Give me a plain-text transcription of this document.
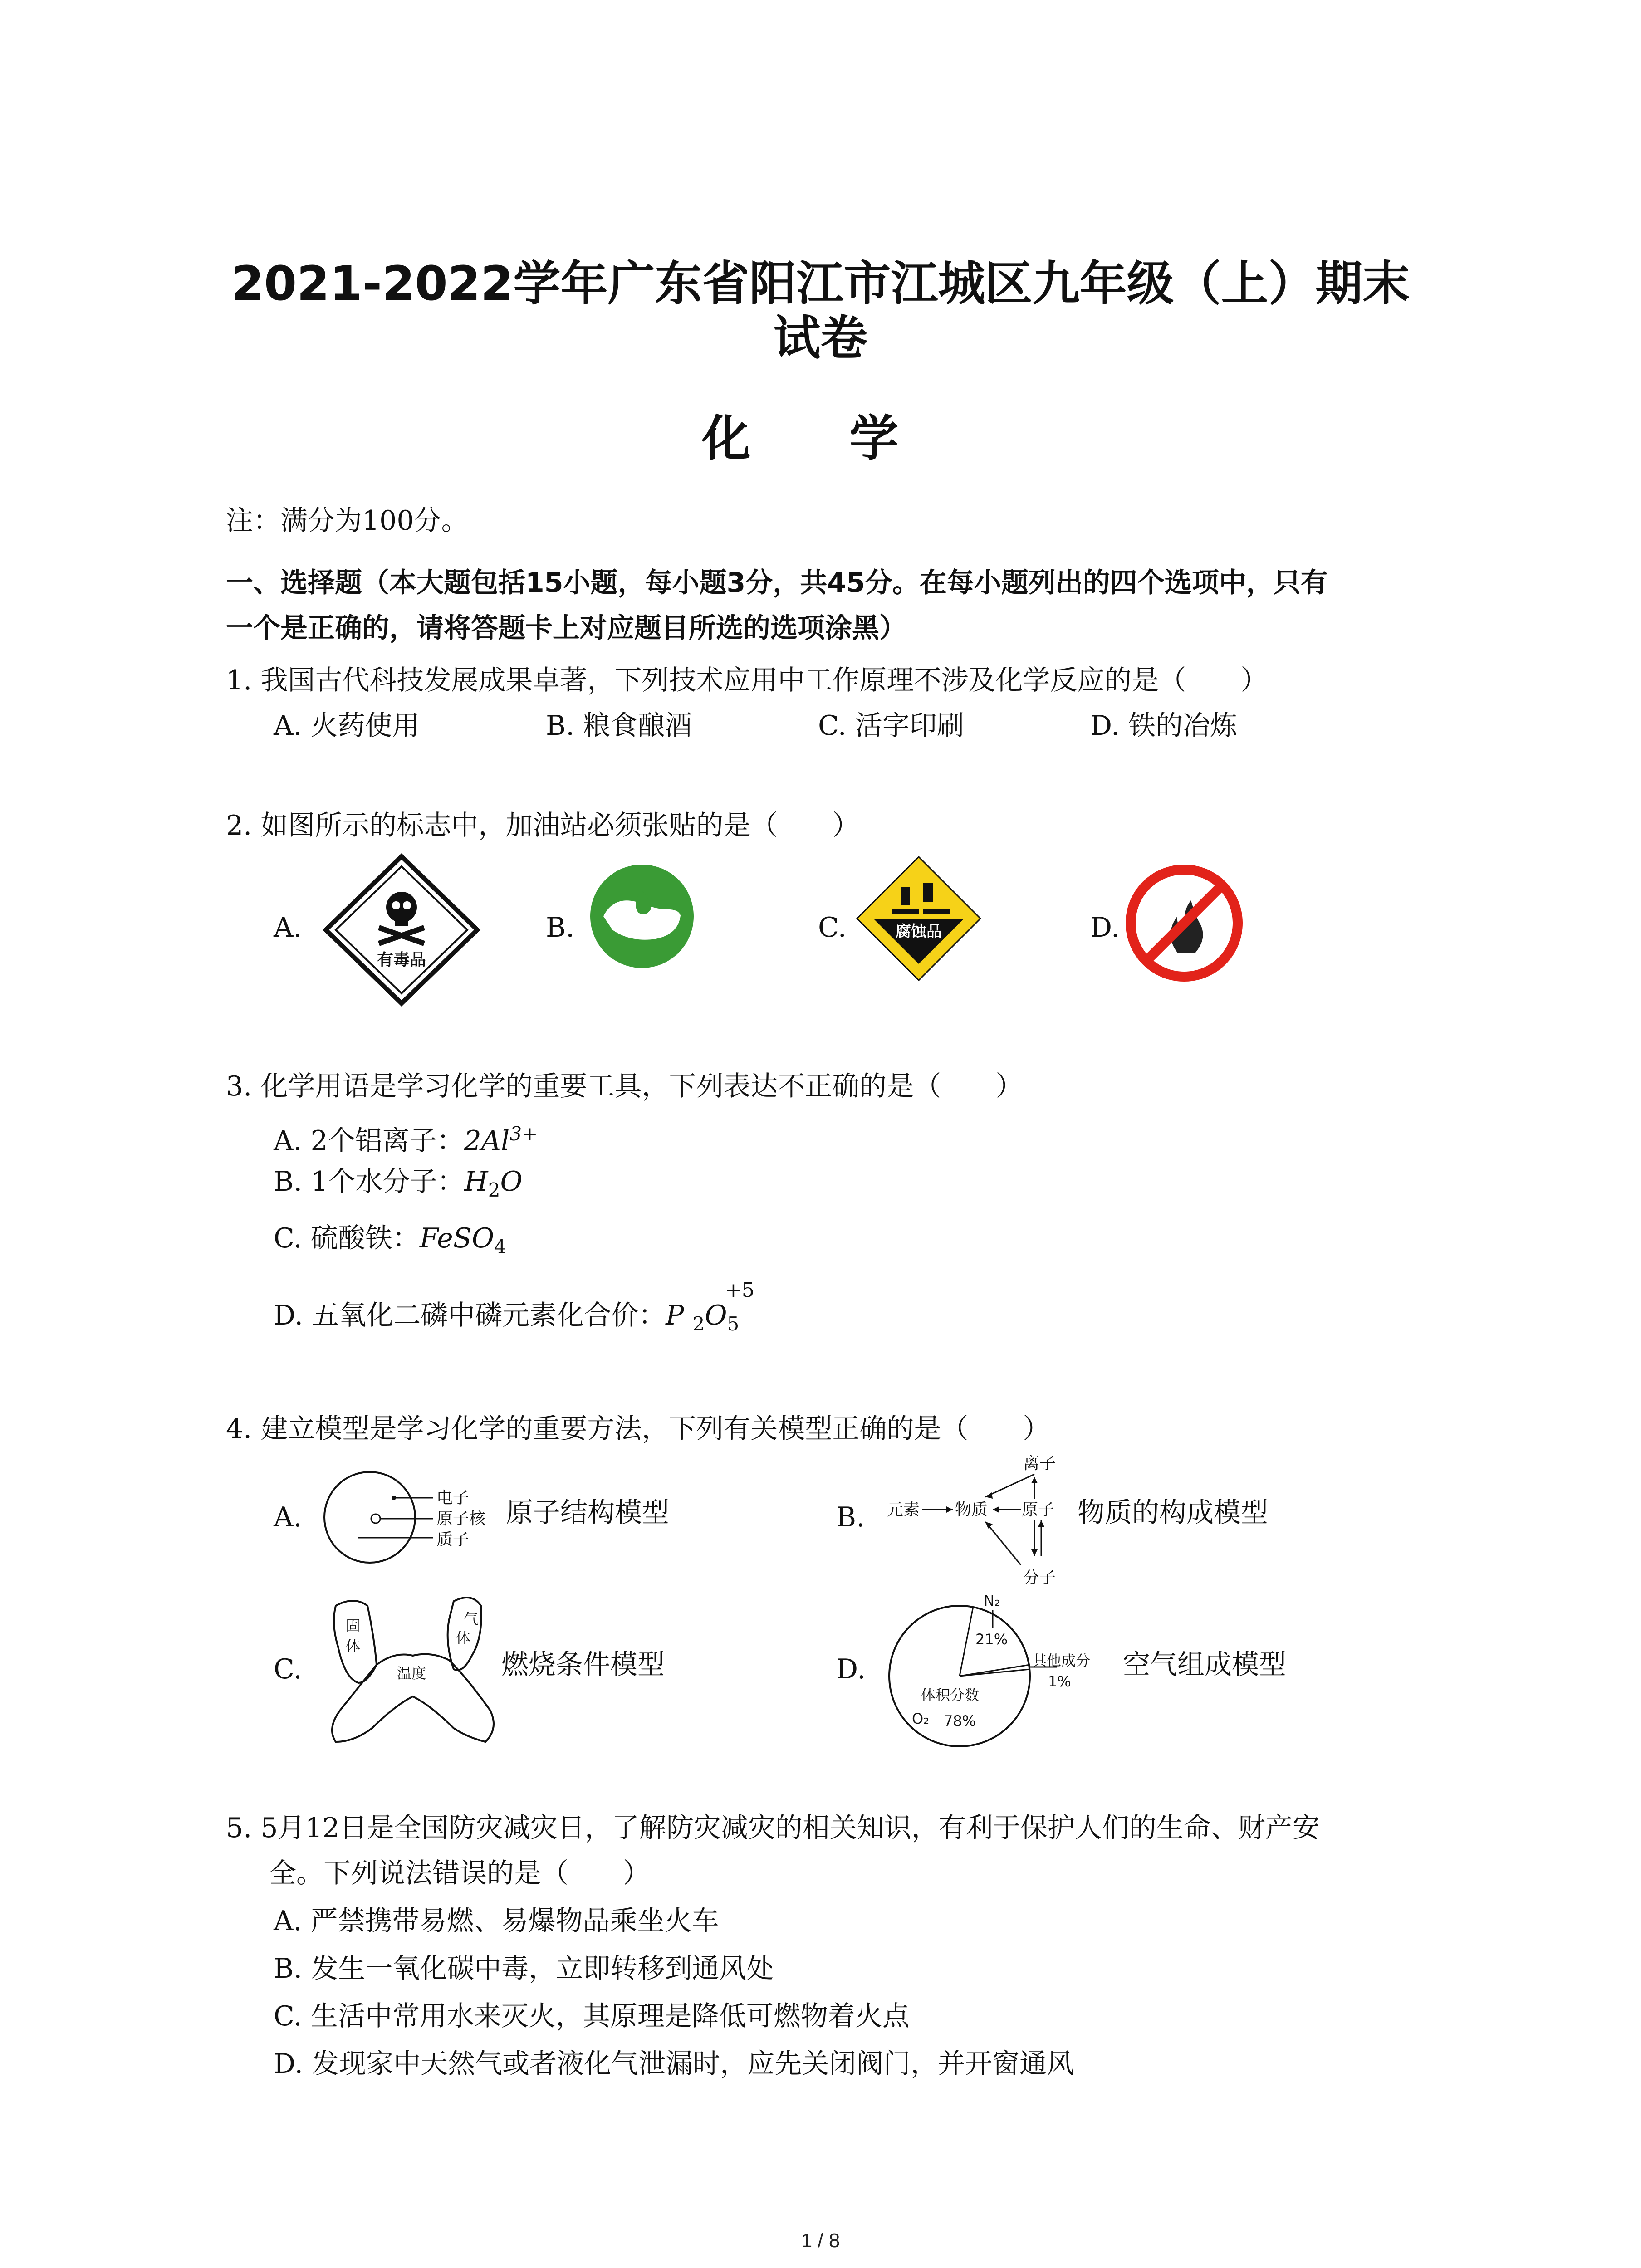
2021-2022学年广东省阳江市江城区九年级（上）期末
试卷
化 学
注：满分为100分。
一、选择题（本大题包括15小题，每小题3分，共45分。在每小题列出的四个选项中，只有
一个是正确的，请将答题卡上对应题目所选的选项涂黑）
1. 我国古代科技发展成果卓著，下列技术应用中工作原理不涉及化学反应的是（　　）
A. 火药使用	B. 粮食酿酒	C. 活字印刷	D. 铁的冶炼
2. 如图所示的标志中，加油站必须张贴的是（　　）
A.	B.	C.	D.
有毒品
腐蚀品
3. 化学用语是学习化学的重要工具，下列表达不正确的是（　　）
A. 2个铝离子：$2Al^{3+}$
B. 1个水分子：$H_2O$
C. 硫酸铁：FeSO$_4$
+5
D. 五氧化二磷中磷元素化合价：P $_2O_5$
4. 建立模型是学习化学的重要方法，下列有关模型正确的是（　　）
A.
电子
原子核
质子
原子结构模型	B. 元素 物质 原子
离子
分子
物质的构成模型
C.
固
体
温度
气
体
燃烧条件模型	D.
N₂
21%
其他成分
1%
体积分数
O₂ 78%
空气组成模型
5. 5月12日是全国防灾减灾日，了解防灾减灾的相关知识，有利于保护人们的生命、财产安
全。下列说法错误的是（　　）
A. 严禁携带易燃、易爆物品乘坐火车
B. 发生一氧化碳中毒，立即转移到通风处
C. 生活中常用水来灭火，其原理是降低可燃物着火点
D. 发现家中天然气或者液化气泄漏时，应先关闭阀门，并开窗通风
1 / 8
